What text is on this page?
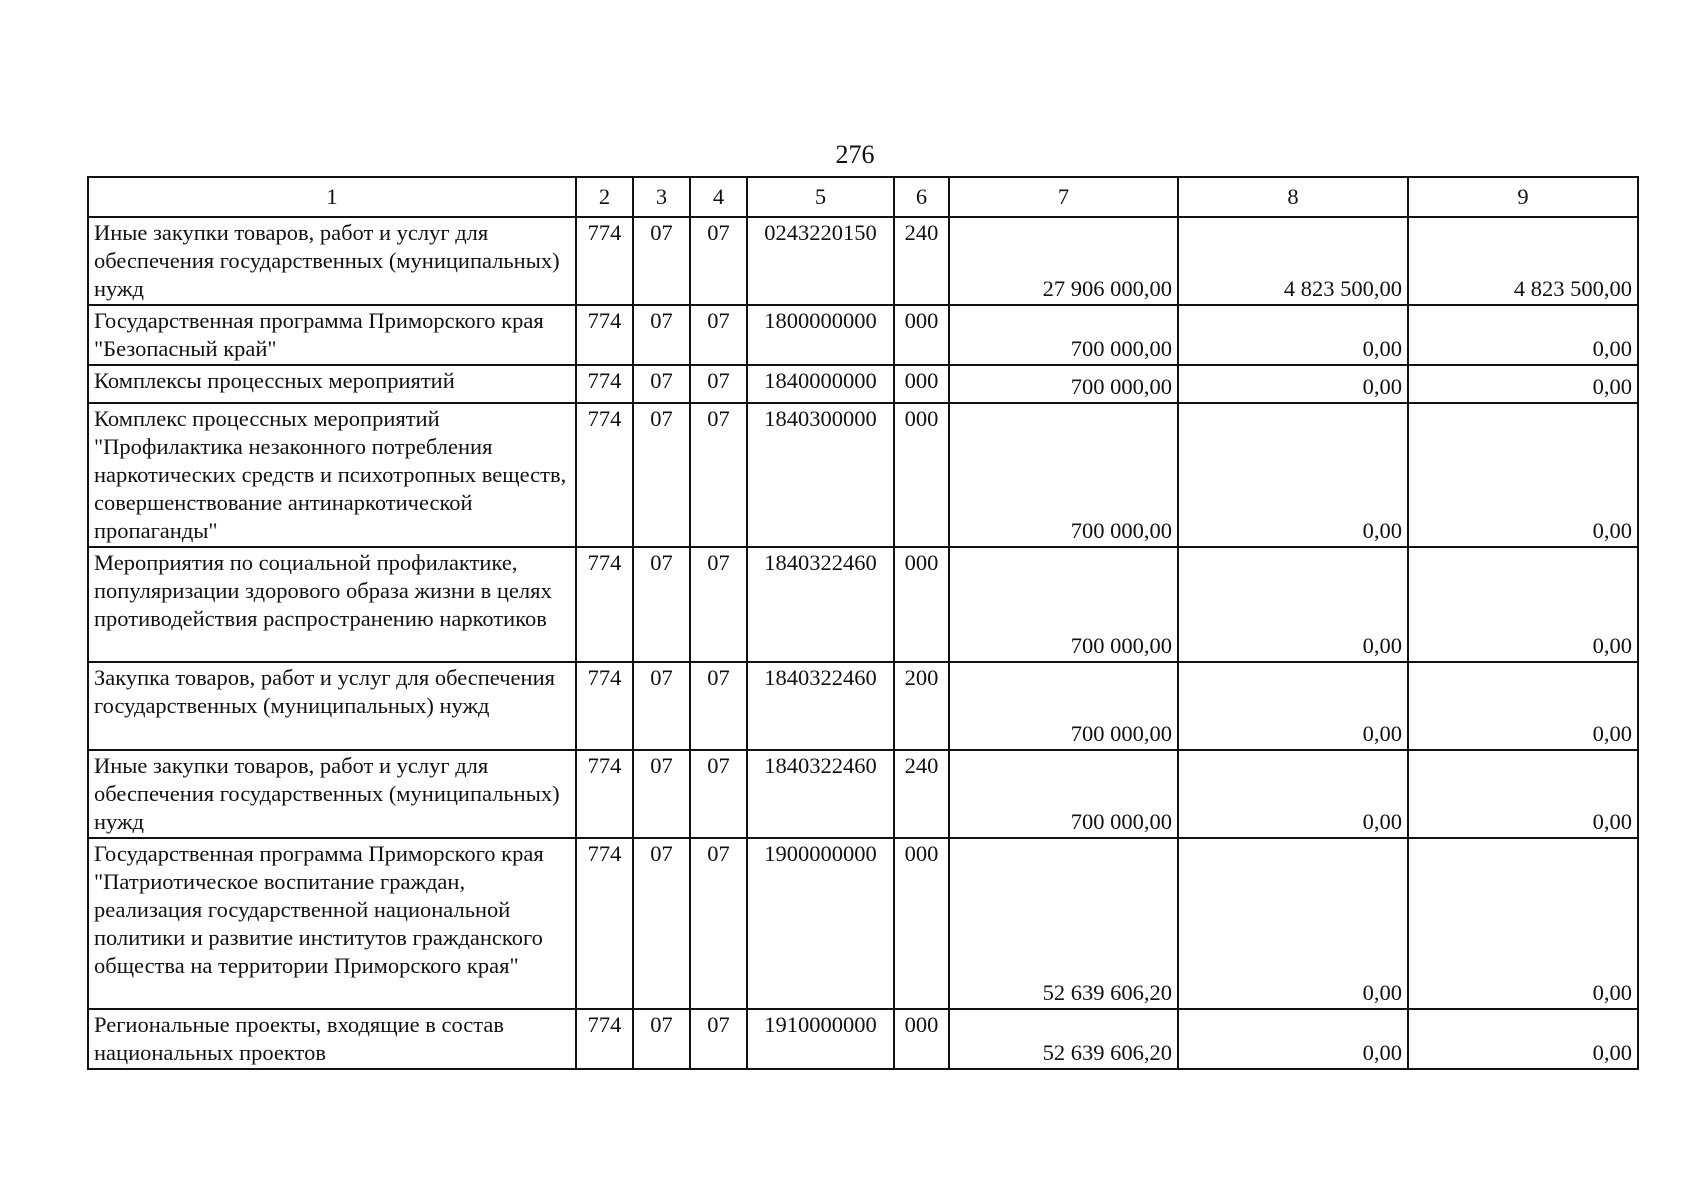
276
1	2	3	4	5	6	7	8	9
Иные закупки товаров, работ и услуг для обеспечения государственных (муниципальных) нужд	774	07	07	0243220150	240	27 906 000,00	4 823 500,00	4 823 500,00
Государственная программа Приморского края "Безопасный край"	774	07	07	1800000000	000	700 000,00	0,00	0,00
Комплексы процессных мероприятий	774	07	07	1840000000	000	700 000,00	0,00	0,00
Комплекс процессных мероприятий "Профилактика незаконного потребления наркотических средств и психотропных веществ, совершенствование антинаркотической пропаганды"	774	07	07	1840300000	000	700 000,00	0,00	0,00
Мероприятия по социальной профилактике, популяризации здорового образа жизни в целях противодействия распространению наркотиков	774	07	07	1840322460	000	700 000,00	0,00	0,00
Закупка товаров, работ и услуг для обеспечения государственных (муниципальных) нужд	774	07	07	1840322460	200	700 000,00	0,00	0,00
Иные закупки товаров, работ и услуг для обеспечения государственных (муниципальных) нужд	774	07	07	1840322460	240	700 000,00	0,00	0,00
Государственная программа Приморского края "Патриотическое воспитание граждан, реализация государственной национальной политики и развитие институтов гражданского общества на территории Приморского края"	774	07	07	1900000000	000	52 639 606,20	0,00	0,00
Региональные проекты, входящие в состав национальных проектов	774	07	07	1910000000	000	52 639 606,20	0,00	0,00
